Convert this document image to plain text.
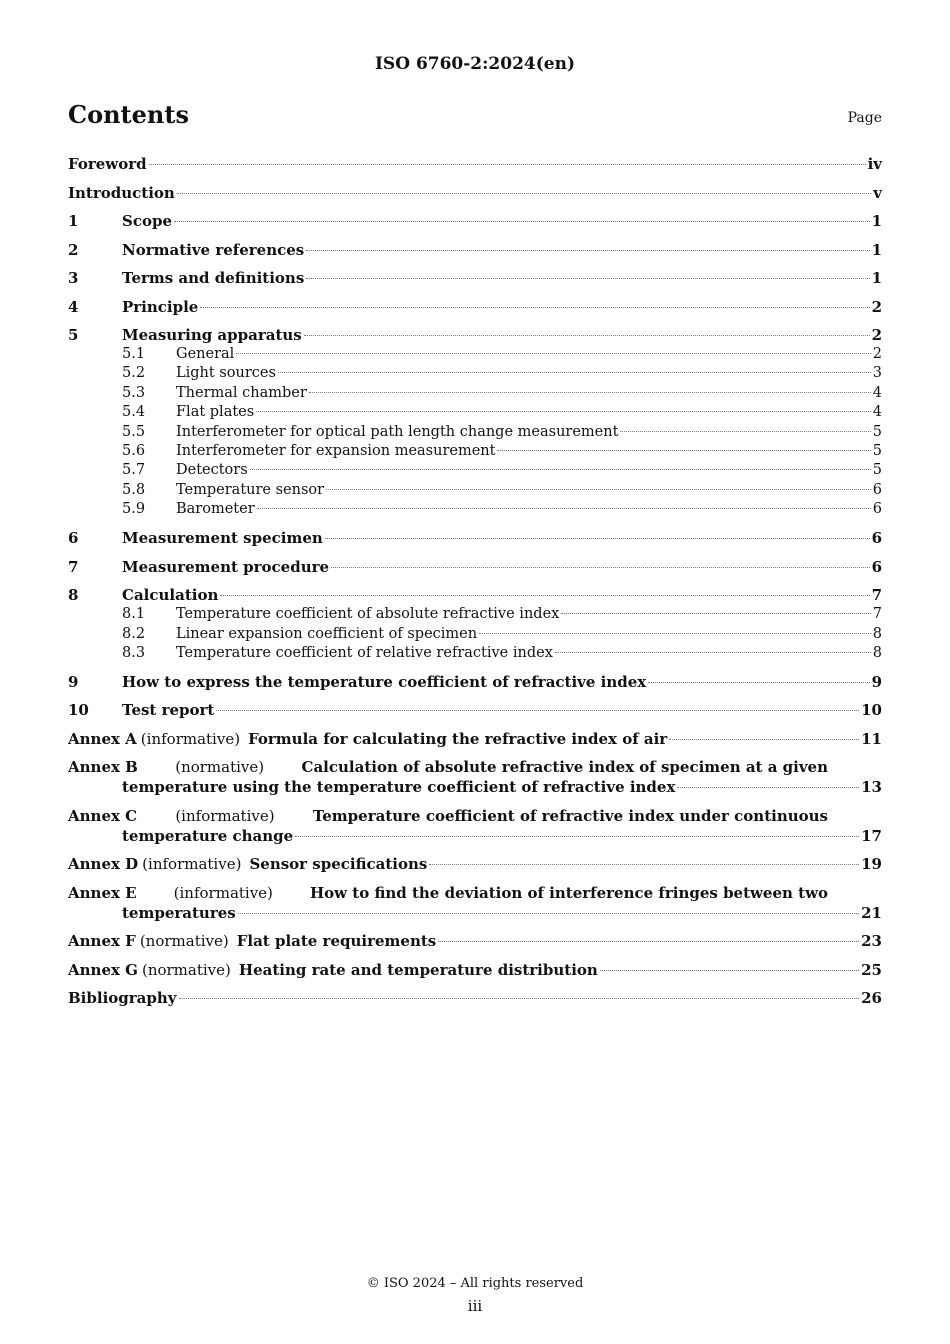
ISO 6760-2:2024(en)
Contents	Page
Foreword	iv
Introduction	v
1	Scope	1
2	Normative references	1
3	Terms and definitions	1
4	Principle	2
5	Measuring apparatus	2
5.1	General	2
5.2	Light sources	3
5.3	Thermal chamber	4
5.4	Flat plates	4
5.5	Interferometer for optical path length change measurement	5
5.6	Interferometer for expansion measurement	5
5.7	Detectors	5
5.8	Temperature sensor	6
5.9	Barometer	6
6	Measurement specimen	6
7	Measurement procedure	6
8	Calculation	7
8.1	Temperature coefficient of absolute refractive index	7
8.2	Linear expansion coefficient of specimen	8
8.3	Temperature coefficient of relative refractive index	8
9	How to express the temperature coefficient of refractive index	9
10	Test report	10
Annex A (informative) Formula for calculating the refractive index of air	11
Annex B (normative) Calculation of absolute refractive index of specimen at a given
temperature using the temperature coefficient of refractive index	13
Annex C	(informative)	Temperature coefficient of refractive index under continuous
temperature change	17
Annex D (informative) Sensor specifications	19
Annex E (informative) How to find the deviation of interference fringes between two
temperatures	21
Annex F (normative) Flat plate requirements	23
Annex G (normative) Heating rate and temperature distribution	25
Bibliography	26
© ISO 2024 – All rights reserved
iii
